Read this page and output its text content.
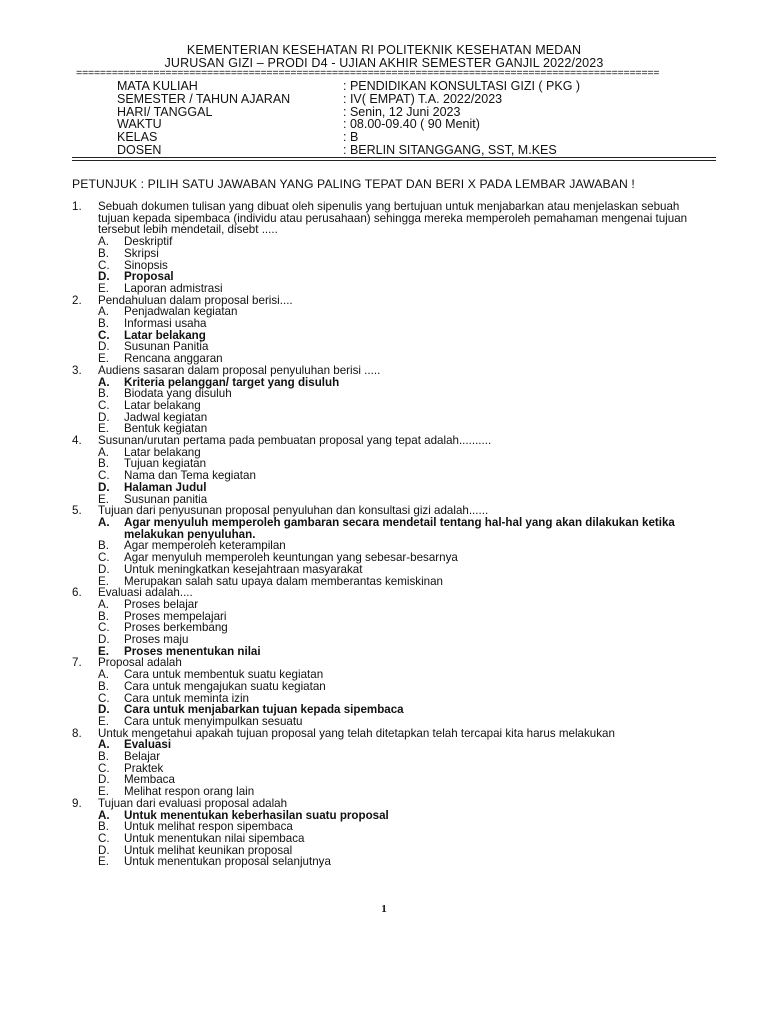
KEMENTERIAN KESEHATAN RI POLITEKNIK KESEHATAN MEDAN
JURUSAN GIZI – PRODI D4 - UJIAN AKHIR SEMESTER GANJIL 2022/2023
==================================================================================================
MATA KULIAH	: PENDIDIKAN KONSULTASI GIZI ( PKG )
SEMESTER / TAHUN AJARAN	: IV( EMPAT) T.A. 2022/2023
HARI/ TANGGAL	: Senin, 12 Juni 2023
WAKTU	: 08.00-09.40 ( 90 Menit)
KELAS	: B
DOSEN	: BERLIN SITANGGANG, SST, M.KES
PETUNJUK : PILIH SATU JAWABAN YANG PALING TEPAT DAN BERI X PADA LEMBAR JAWABAN !
1.	Sebuah dokumen tulisan yang dibuat oleh sipenulis yang bertujuan untuk menjabarkan atau menjelaskan sebuah tujuan kepada sipembaca (individu atau perusahaan) sehingga mereka memperoleh pemahaman mengenai tujuan tersebut lebih mendetail, disebt .....
A.	Deskriptif
B.	Skripsi
C.	Sinopsis
D.	Proposal
E.	Laporan admistrasi
2.	Pendahuluan dalam proposal berisi....
A.	Penjadwalan kegiatan
B.	Informasi usaha
C.	Latar belakang
D.	Susunan Panitia
E.	Rencana anggaran
3.	Audiens sasaran dalam proposal penyuluhan berisi .....
A.	Kriteria pelanggan/ target yang disuluh
B.	Biodata yang disuluh
C.	Latar belakang
D.	Jadwal kegiatan
E.	Bentuk kegiatan
4.	Susunan/urutan pertama pada pembuatan proposal yang tepat adalah..........
A.	Latar belakang
B.	Tujuan kegiatan
C.	Nama dan Tema kegiatan
D.	Halaman Judul
E.	Susunan panitia
5.	Tujuan dari penyusunan proposal penyuluhan dan konsultasi gizi adalah......
A.	Agar menyuluh memperoleh gambaran secara mendetail tentang hal-hal yang akan dilakukan ketika melakukan penyuluhan.
B.	Agar memperoleh keterampilan
C.	Agar menyuluh memperoleh keuntungan yang sebesar-besarnya
D.	Untuk meningkatkan kesejahtraan masyarakat
E.	Merupakan salah satu upaya dalam memberantas kemiskinan
6.	Evaluasi adalah....
A.	Proses belajar
B.	Proses mempelajari
C.	Proses berkembang
D.	Proses maju
E.	Proses menentukan nilai
7.	Proposal adalah
A.	Cara untuk membentuk suatu kegiatan
B.	Cara untuk mengajukan suatu kegiatan
C.	Cara untuk meminta izin
D.	Cara untuk menjabarkan tujuan kepada sipembaca
E.	Cara untuk menyimpulkan sesuatu
8.	Untuk mengetahui apakah tujuan proposal yang telah ditetapkan telah tercapai kita harus melakukan
A.	Evaluasi
B.	Belajar
C.	Praktek
D.	Membaca
E.	Melihat respon orang lain
9.	Tujuan dari evaluasi proposal adalah
A.	Untuk menentukan keberhasilan suatu proposal
B.	Untuk melihat respon sipembaca
C.	Untuk menentukan nilai sipembaca
D.	Untuk melihat keunikan proposal
E.	Untuk menentukan proposal selanjutnya
1
